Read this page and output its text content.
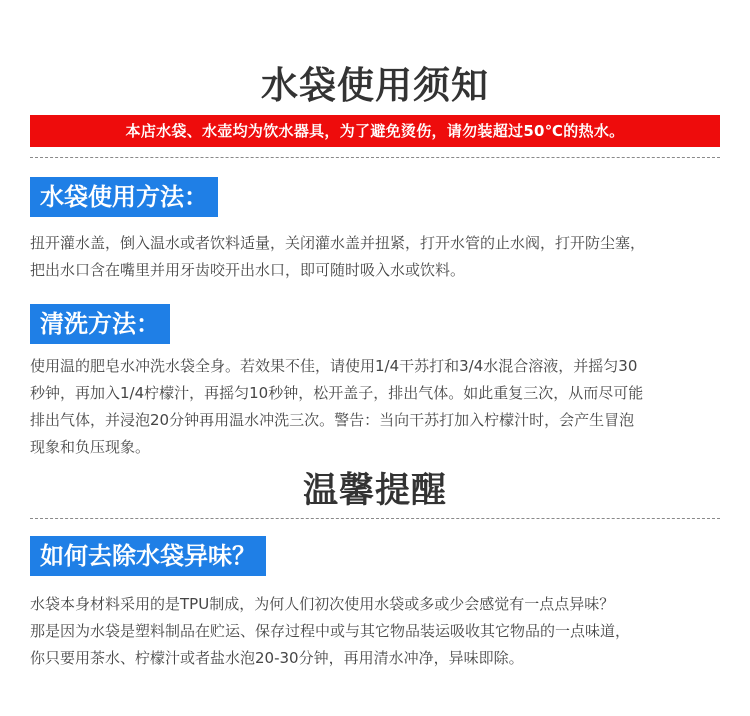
水袋使用须知
本店水袋、水壶均为饮水器具，为了避免烫伤，请勿装超过50℃的热水。
水袋使用方法：
扭开灌水盖，倒入温水或者饮料适量，关闭灌水盖并扭紧，打开水管的止水阀，打开防尘塞，
把出水口含在嘴里并用牙齿咬开出水口，即可随时吸入水或饮料。
清洗方法：
使用温的肥皂水冲洗水袋全身。若效果不佳，请使用1/4干苏打和3/4水混合溶液，并摇匀30
秒钟，再加入1/4柠檬汁，再摇匀10秒钟，松开盖子，排出气体。如此重复三次，从而尽可能
排出气体，并浸泡20分钟再用温水冲洗三次。警告：当向干苏打加入柠檬汁时，会产生冒泡
现象和负压现象。
温馨提醒
如何去除水袋异味？
水袋本身材料采用的是TPU制成，为何人们初次使用水袋或多或少会感觉有一点点异味？
那是因为水袋是塑料制品在贮运、保存过程中或与其它物品装运吸收其它物品的一点味道，
你只要用茶水、柠檬汁或者盐水泡20-30分钟，再用清水冲净，异味即除。
